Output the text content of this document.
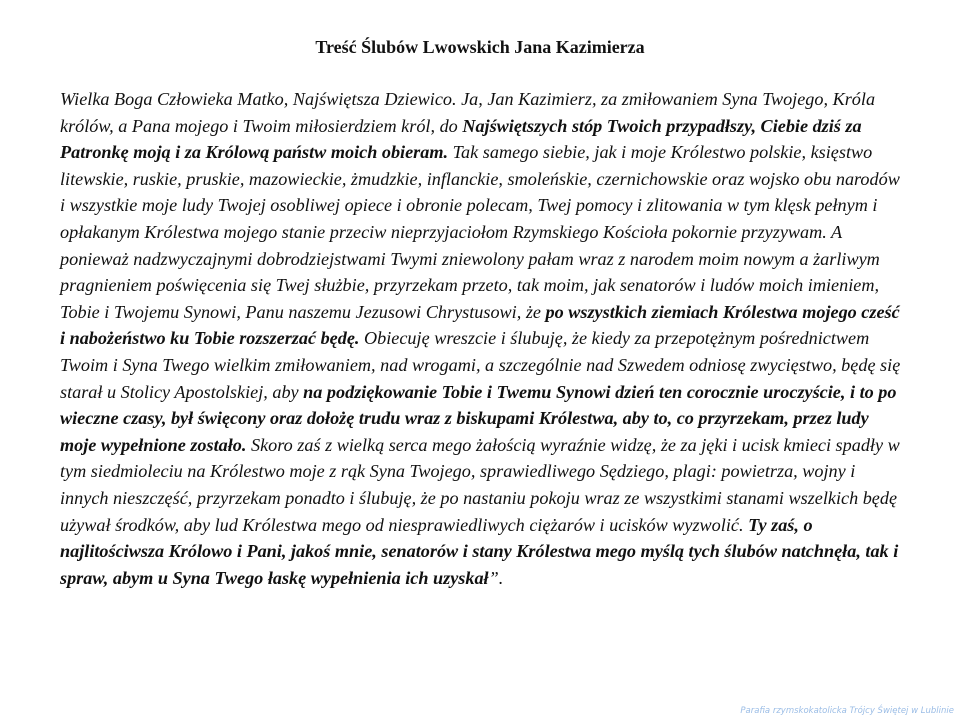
Treść Ślubów Lwowskich Jana Kazimierza
Wielka Boga Człowieka Matko, Najświętsza Dziewico. Ja, Jan Kazimierz, za zmiłowaniem Syna Twojego, Króla królów, a Pana mojego i Twoim miłosierdziem król, do Najświętszych stóp Twoich przypadłszy, Ciebie dziś za Patronkę moją i za Królową państw moich obieram. Tak samego siebie, jak i moje Królestwo polskie, księstwo litewskie, ruskie, pruskie, mazowieckie, żmudzkie, inflanckie, smoleńskie, czernichowskie oraz wojsko obu narodów i wszystkie moje ludy Twojej osobliwej opiece i obronie polecam, Twej pomocy i zlitowania w tym klęsk pełnym i opłakanym Królestwa mojego stanie przeciw nieprzyjaciołom Rzymskiego Kościoła pokornie przyzywam. A ponieważ nadzwyczajnymi dobrodziejstwami Twymi zniewolony pałam wraz z narodem moim nowym a żarliwym pragnieniem poświęcenia się Twej służbie, przyrzekam przeto, tak moim, jak senatorów i ludów moich imieniem, Tobie i Twojemu Synowi, Panu naszemu Jezusowi Chrystusowi, że po wszystkich ziemiach Królestwa mojego cześć i nabożeństwo ku Tobie rozszerzać będę. Obiecuję wreszcie i ślubuję, że kiedy za przepotężnym pośrednictwem Twoim i Syna Twego wielkim zmiłowaniem, nad wrogami, a szczególnie nad Szwedem odniosę zwycięstwo, będę się starał u Stolicy Apostolskiej, aby na podziękowanie Tobie i Twemu Synowi dzień ten corocznie uroczyście, i to po wieczne czasy, był święcony oraz dołożę trudu wraz z biskupami Królestwa, aby to, co przyrzekam, przez ludy moje wypełnione zostało. Skoro zaś z wielką serca mego żałością wyraźnie widzę, że za jęki i ucisk kmieci spadły w tym siedmioleciu na Królestwo moje z rąk Syna Twojego, sprawiedliwego Sędziego, plagi: powietrza, wojny i innych nieszczęść, przyrzekam ponadto i ślubuję, że po nastaniu pokoju wraz ze wszystkimi stanami wszelkich będę używał środków, aby lud Królestwa mego od niesprawiedliwych ciężarów i ucisków wyzwolić. Ty zaś, o najlitościwsza Królowo i Pani, jakoś mnie, senatorów i stany Królestwa mego myślą tych ślubów natchnęła, tak i spraw, abym u Syna Twego łaskę wypełnienia ich uzyskał”.
Parafia rzymskokatolicka Trójcy Świętej w Lublinie
